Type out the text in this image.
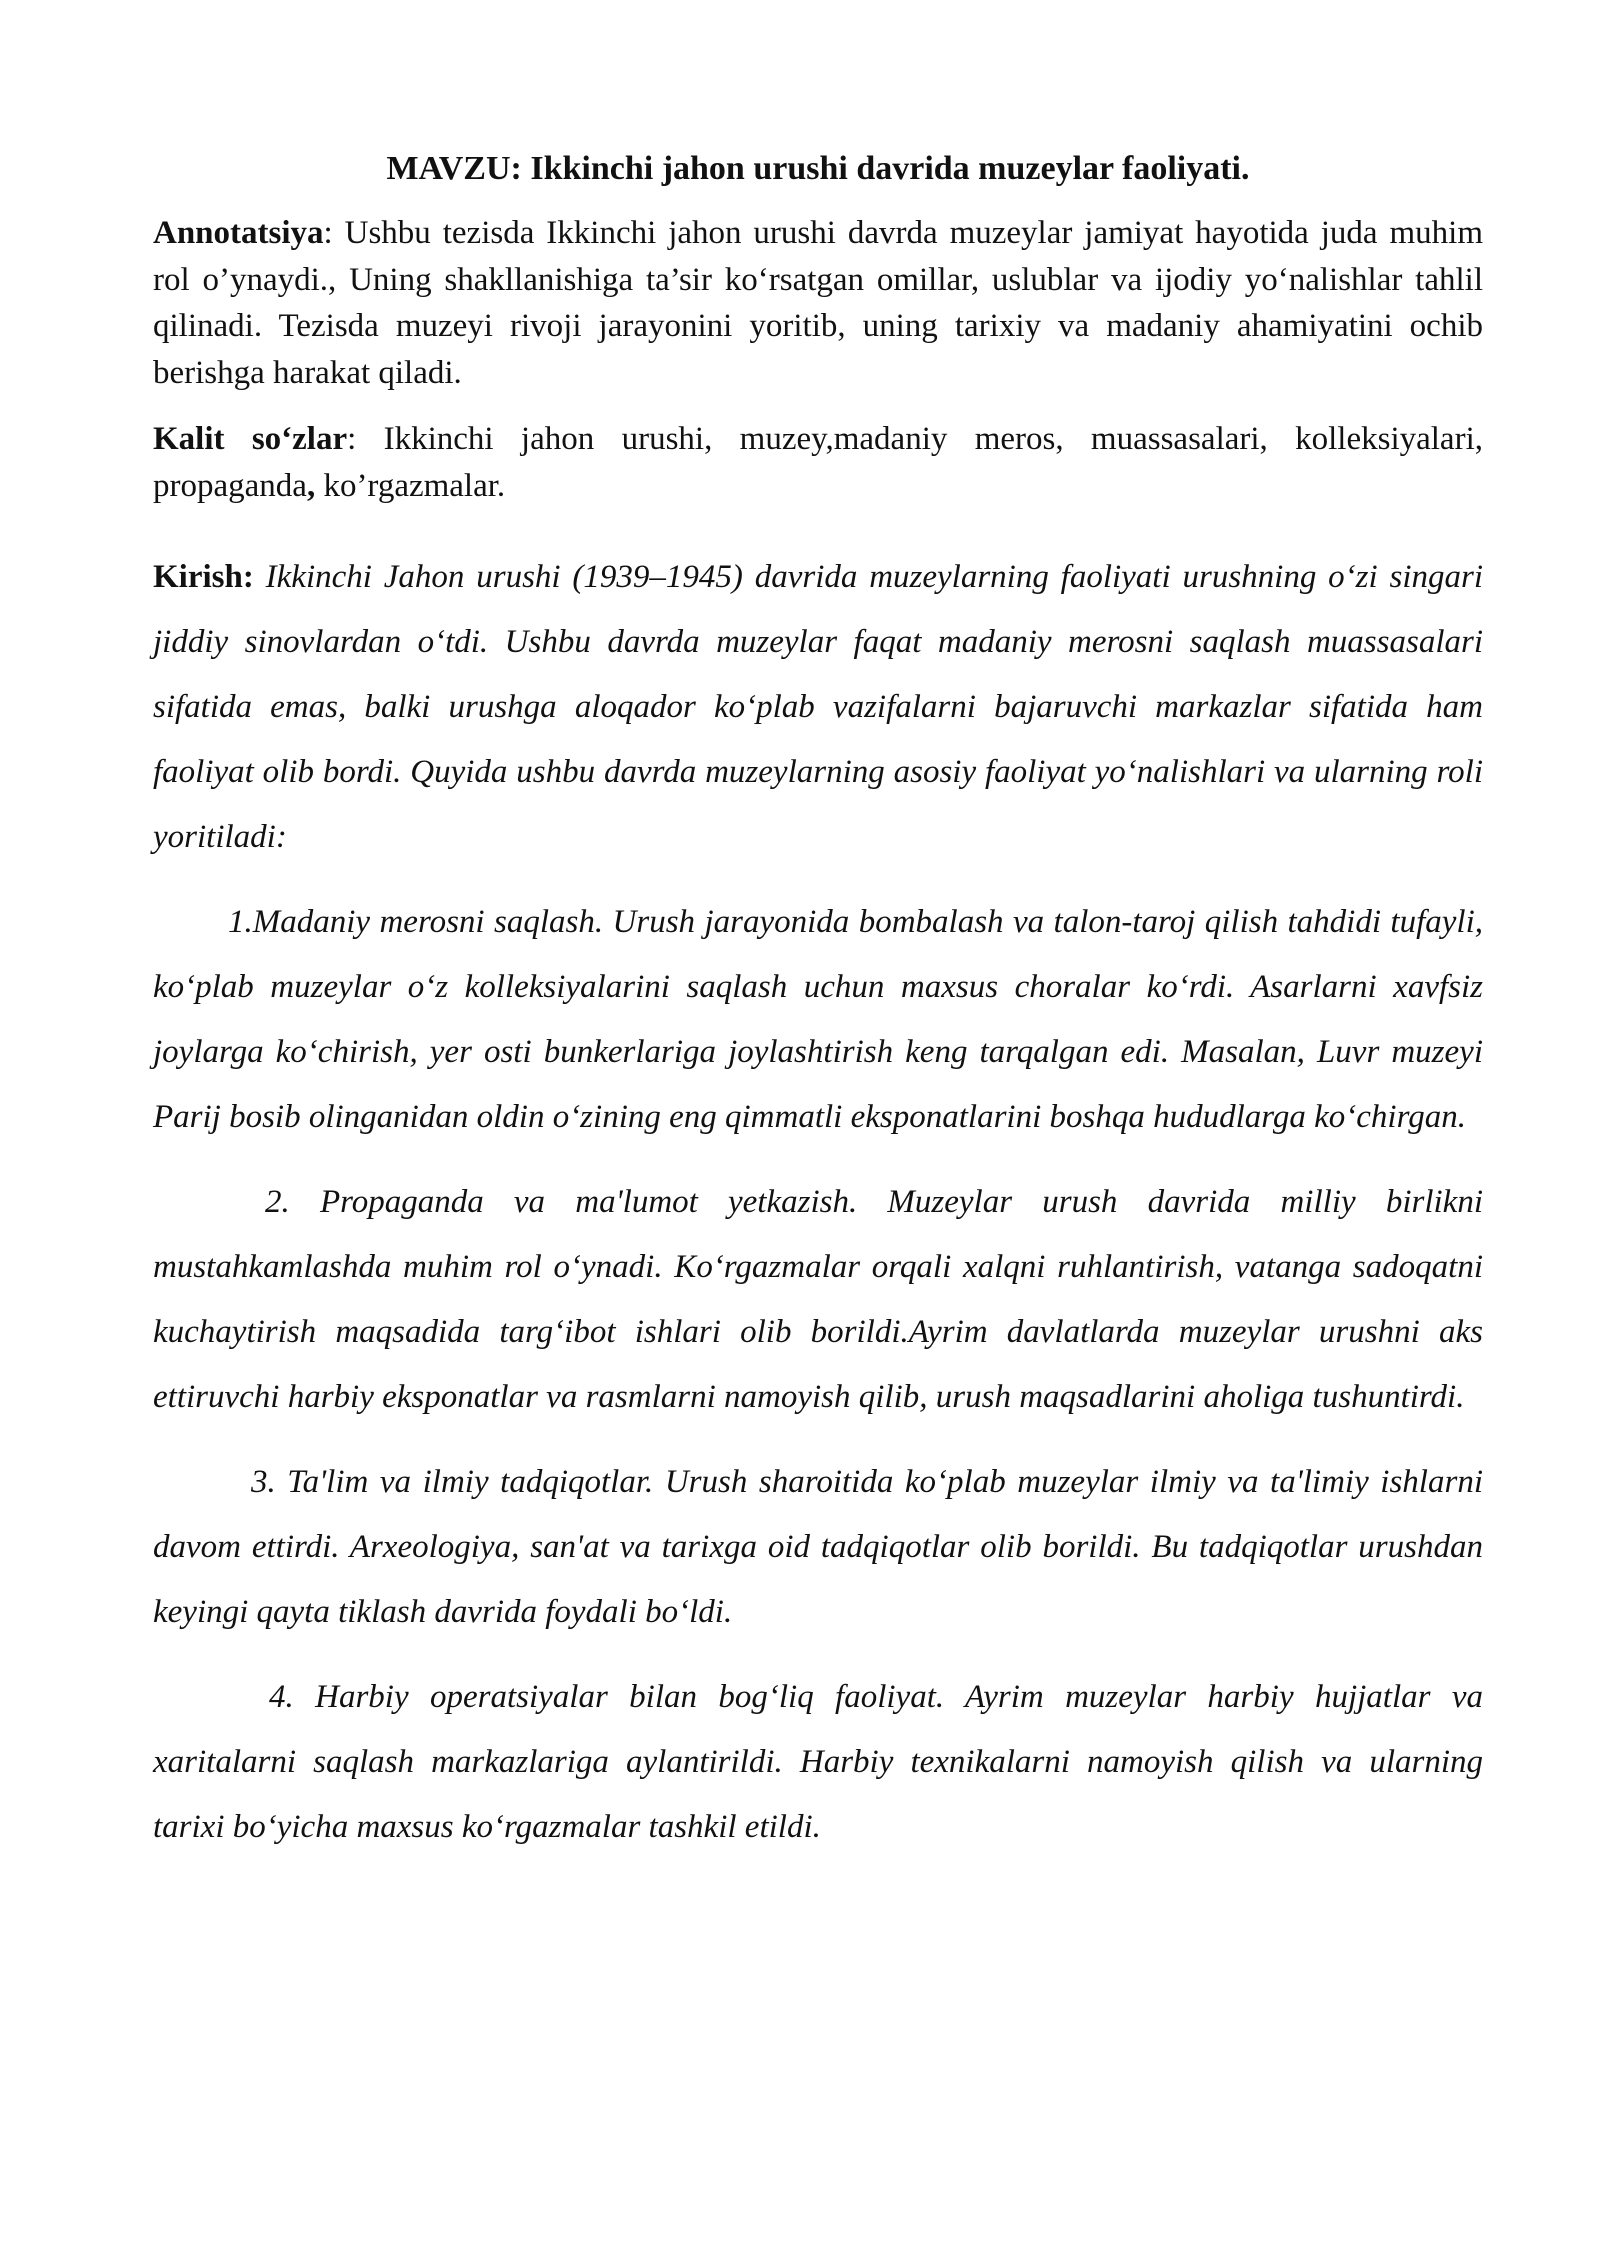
MAVZU: Ikkinchi jahon urushi davrida muzeylar faoliyati.

Annotatsiya: Ushbu tezisda Ikkinchi jahon urushi davrda muzeylar jamiyat hayotida juda muhim rol o’ynaydi., Uning shakllanishiga ta’sir ko‘rsatgan omillar, uslublar va ijodiy yo‘nalishlar tahlil qilinadi. Tezisda muzeyi rivoji jarayonini yoritib, uning tarixiy va madaniy ahamiyatini ochib berishga harakat qiladi.

Kalit so‘zlar: Ikkinchi jahon urushi, muzey,madaniy meros, muassasalari, kolleksiyalari, propaganda, ko’rgazmalar.

Kirish: Ikkinchi Jahon urushi (1939–1945) davrida muzeylarning faoliyati urushning o‘zi singari jiddiy sinovlardan o‘tdi. Ushbu davrda muzeylar faqat madaniy merosni saqlash muassasalari sifatida emas, balki urushga aloqador ko‘plab vazifalarni bajaruvchi markazlar sifatida ham faoliyat olib bordi. Quyida ushbu davrda muzeylarning asosiy faoliyat yo‘nalishlari va ularning roli yoritiladi:

1.Madaniy merosni saqlash. Urush jarayonida bombalash va talon-taroj qilish tahdidi tufayli, ko‘plab muzeylar o‘z kolleksiyalarini saqlash uchun maxsus choralar ko‘rdi. Asarlarni xavfsiz joylarga ko‘chirish, yer osti bunkerlariga joylashtirish keng tarqalgan edi. Masalan, Luvr muzeyi Parij bosib olinganidan oldin o‘zining eng qimmatli eksponatlarini boshqa hududlarga ko‘chirgan.

2. Propaganda va ma'lumot yetkazish. Muzeylar urush davrida milliy birlikni mustahkamlashda muhim rol o‘ynadi. Ko‘rgazmalar orqali xalqni ruhlantirish, vatanga sadoqatni kuchaytirish maqsadida targ‘ibot ishlari olib borildi.Ayrim davlatlarda muzeylar urushni aks ettiruvchi harbiy eksponatlar va rasmlarni namoyish qilib, urush maqsadlarini aholiga tushuntirdi.

3. Ta'lim va ilmiy tadqiqotlar. Urush sharoitida ko‘plab muzeylar ilmiy va ta'limiy ishlarni davom ettirdi. Arxeologiya, san'at va tarixga oid tadqiqotlar olib borildi. Bu tadqiqotlar urushdan keyingi qayta tiklash davrida foydali bo‘ldi.

4. Harbiy operatsiyalar bilan bog‘liq faoliyat. Ayrim muzeylar harbiy hujjatlar va xaritalarni saqlash markazlariga aylantirildi. Harbiy texnikalarni namoyish qilish va ularning tarixi bo‘yicha maxsus ko‘rgazmalar tashkil etildi.
